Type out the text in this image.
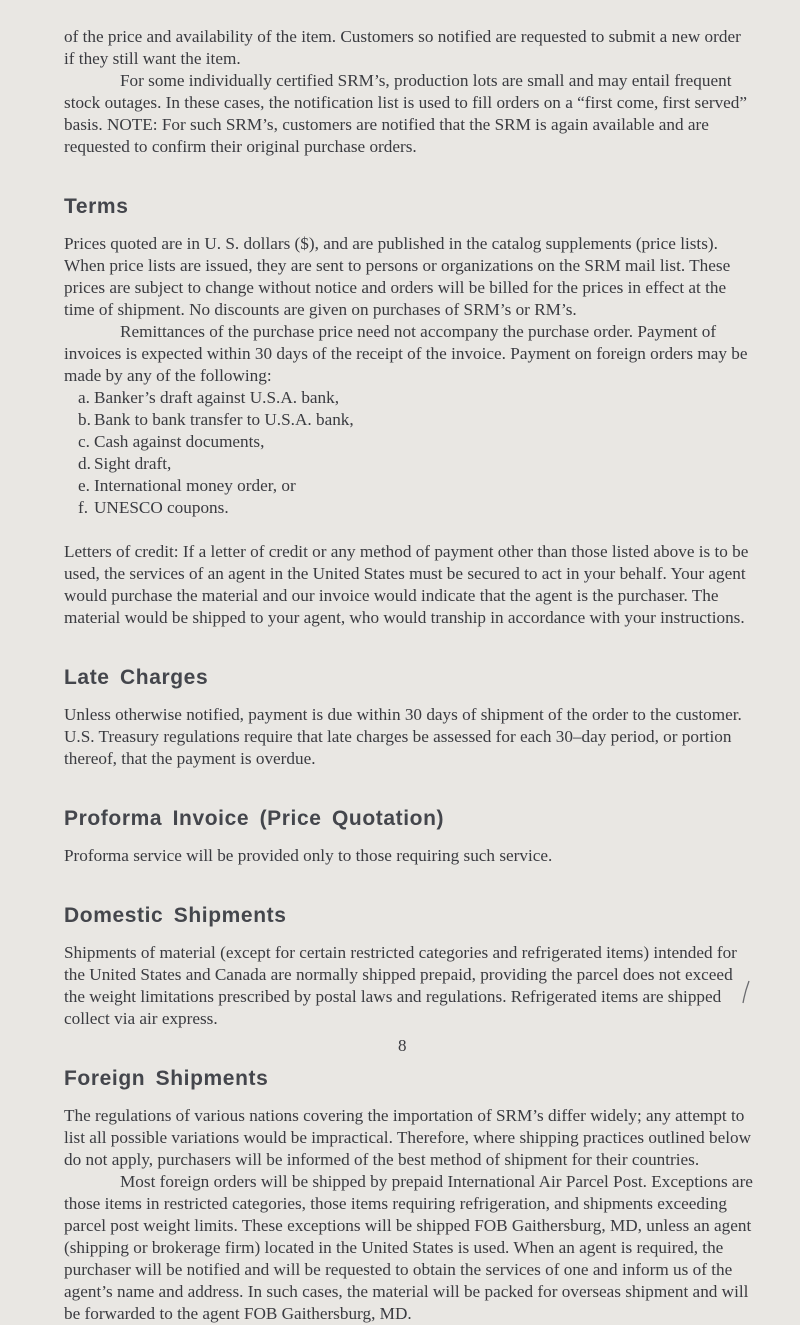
of the price and availability of the item. Customers so notified are requested to submit a new order if they still want the item.

For some individually certified SRM’s, production lots are small and may entail frequent stock outages. In these cases, the notification list is used to fill orders on a “first come, first served” basis. NOTE: For such SRM’s, customers are notified that the SRM is again available and are requested to confirm their original purchase orders.

Terms

Prices quoted are in U. S. dollars ($), and are published in the catalog supplements (price lists). When price lists are issued, they are sent to persons or organizations on the SRM mail list. These prices are subject to change without notice and orders will be billed for the prices in effect at the time of shipment. No discounts are given on purchases of SRM’s or RM’s.

Remittances of the purchase price need not accompany the purchase order. Payment of invoices is expected within 30 days of the receipt of the invoice. Payment on foreign orders may be made by any of the following:

a. Banker’s draft against U.S.A. bank,
b. Bank to bank transfer to U.S.A. bank,
c. Cash against documents,
d. Sight draft,
e. International money order, or
f. UNESCO coupons.

Letters of credit: If a letter of credit or any method of payment other than those listed above is to be used, the services of an agent in the United States must be secured to act in your behalf. Your agent would purchase the material and our invoice would indicate that the agent is the purchaser. The material would be shipped to your agent, who would tranship in accordance with your instructions.

Late Charges

Unless otherwise notified, payment is due within 30 days of shipment of the order to the customer. U.S. Treasury regulations require that late charges be assessed for each 30–day period, or portion thereof, that the payment is overdue.

Proforma Invoice (Price Quotation)

Proforma service will be provided only to those requiring such service.

Domestic Shipments

Shipments of material (except for certain restricted categories and refrigerated items) intended for the United States and Canada are normally shipped prepaid, providing the parcel does not exceed the weight limitations prescribed by postal laws and regulations. Refrigerated items are shipped collect via air express.

Foreign Shipments

The regulations of various nations covering the importation of SRM’s differ widely; any attempt to list all possible variations would be impractical. Therefore, where shipping practices outlined below do not apply, purchasers will be informed of the best method of shipment for their countries.

Most foreign orders will be shipped by prepaid International Air Parcel Post. Exceptions are those items in restricted categories, those items requiring refrigeration, and shipments exceeding parcel post weight limits. These exceptions will be shipped FOB Gaithersburg, MD, unless an agent (shipping or brokerage firm) located in the United States is used. When an agent is required, the purchaser will be notified and will be requested to obtain the services of one and inform us of the agent’s name and address. In such cases, the material will be packed for overseas shipment and will be forwarded to the agent FOB Gaithersburg, MD.

8
